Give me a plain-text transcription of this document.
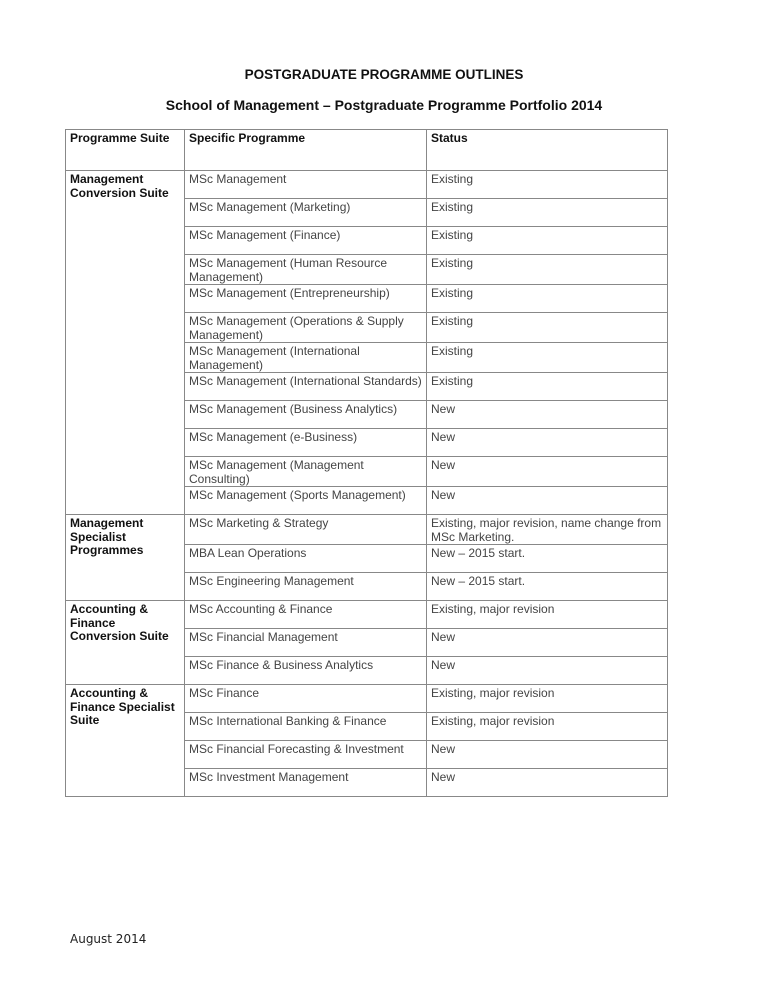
POSTGRADUATE PROGRAMME OUTLINES
School of Management – Postgraduate Programme Portfolio 2014
Programme Suite	Specific Programme	Status
Management Conversion Suite	MSc Management	Existing
	MSc Management (Marketing)	Existing
	MSc Management (Finance)	Existing
	MSc Management (Human Resource Management)	Existing
	MSc Management (Entrepreneurship)	Existing
	MSc Management (Operations & Supply Management)	Existing
	MSc Management (International Management)	Existing
	MSc Management (International Standards)	Existing
	MSc Management (Business Analytics)	New
	MSc Management (e-Business)	New
	MSc Management (Management Consulting)	New
	MSc Management (Sports Management)	New
Management Specialist Programmes	MSc Marketing & Strategy	Existing, major revision, name change from MSc Marketing.
	MBA Lean Operations	New – 2015 start.
	MSc Engineering Management	New – 2015 start.
Accounting & Finance Conversion Suite	MSc Accounting & Finance	Existing, major revision
	MSc Financial Management	New
	MSc Finance & Business Analytics	New
Accounting & Finance Specialist Suite	MSc Finance	Existing, major revision
	MSc International Banking & Finance	Existing, major revision
	MSc Financial Forecasting & Investment	New
	MSc Investment Management	New
August 2014
